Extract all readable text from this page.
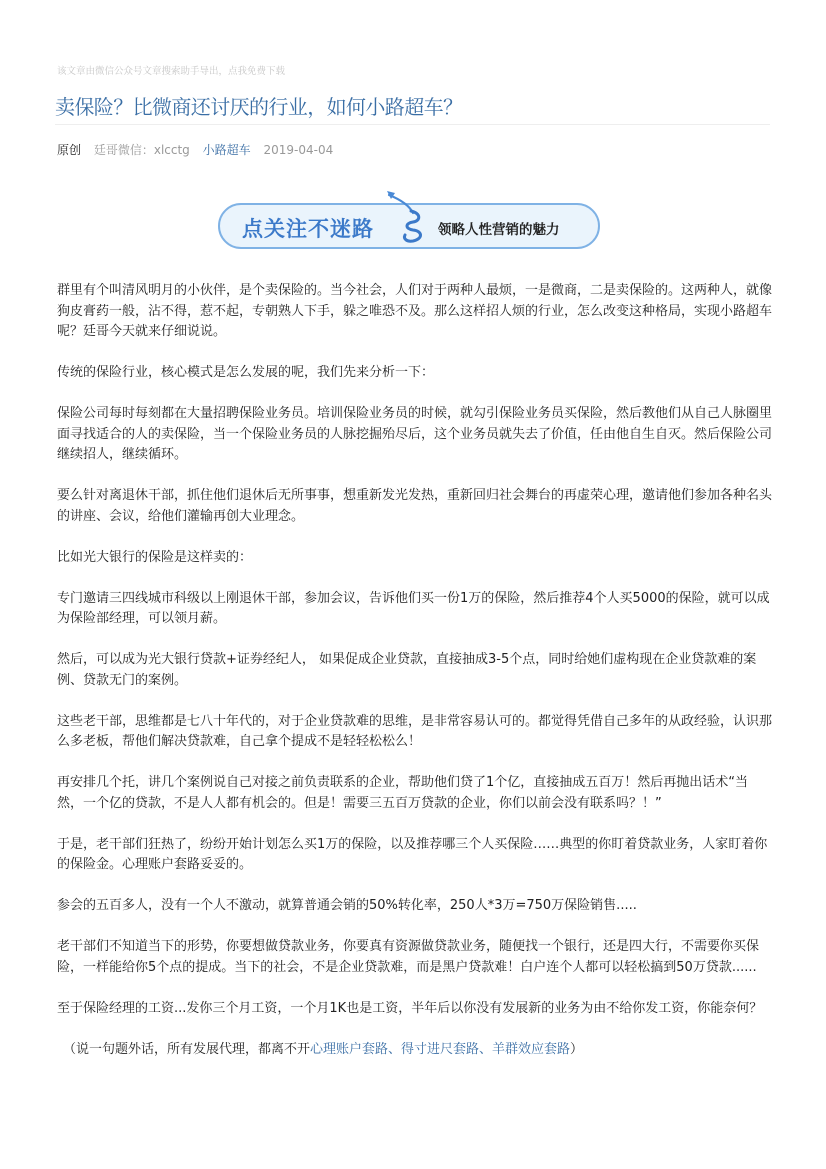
该文章由微信公众号文章搜索助手导出，点我免费下载
卖保险？比微商还讨厌的行业，如何小路超车？
原创 廷哥微信：xlcctg 小路超车 2019-04-04
点关注不迷路	领略人性营销的魅力

群里有个叫清风明月的小伙伴，是个卖保险的。当今社会，人们对于两种人最烦，一是微商，二是卖保险的。这两种人，就像狗皮膏药一般，沾不得，惹不起，专朝熟人下手，躲之唯恐不及。那么这样招人烦的行业，怎么改变这种格局，实现小路超车呢？廷哥今天就来仔细说说。

传统的保险行业，核心模式是怎么发展的呢，我们先来分析一下：

保险公司每时每刻都在大量招聘保险业务员。培训保险业务员的时候，就勾引保险业务员买保险，然后教他们从自己人脉圈里面寻找适合的人的卖保险，当一个保险业务员的人脉挖掘殆尽后，这个业务员就失去了价值，任由他自生自灭。然后保险公司继续招人，继续循环。

要么针对离退休干部，抓住他们退休后无所事事，想重新发光发热，重新回归社会舞台的再虚荣心理，邀请他们参加各种名头的讲座、会议，给他们灌输再创大业理念。

比如光大银行的保险是这样卖的：

专门邀请三四线城市科级以上刚退休干部，参加会议，告诉他们买一份1万的保险，然后推荐4个人买5000的保险，就可以成为保险部经理，可以领月薪。

然后，可以成为光大银行贷款+证券经纪人， 如果促成企业贷款，直接抽成3-5个点，同时给她们虚构现在企业贷款难的案例、贷款无门的案例。

这些老干部，思维都是七八十年代的，对于企业贷款难的思维，是非常容易认可的。都觉得凭借自己多年的从政经验，认识那么多老板，帮他们解决贷款难，自己拿个提成不是轻轻松松么！

再安排几个托，讲几个案例说自己对接之前负责联系的企业，帮助他们贷了1个亿，直接抽成五百万！然后再抛出话术“当然，一个亿的贷款，不是人人都有机会的。但是！需要三五百万贷款的企业，你们以前会没有联系吗？！”

于是，老干部们狂热了，纷纷开始计划怎么买1万的保险，以及推荐哪三个人买保险……典型的你盯着贷款业务，人家盯着你的保险金。心理账户套路妥妥的。

参会的五百多人，没有一个人不激动，就算普通会销的50%转化率，250人*3万=750万保险销售.....

老干部们不知道当下的形势，你要想做贷款业务，你要真有资源做贷款业务，随便找一个银行，还是四大行，不需要你买保险，一样能给你5个点的提成。当下的社会，不是企业贷款难，而是黑户贷款难！白户连个人都可以轻松搞到50万贷款......

至于保险经理的工资...发你三个月工资，一个月1K也是工资，半年后以你没有发展新的业务为由不给你发工资，你能奈何？

（说一句题外话，所有发展代理，都离不开心理账户套路、得寸进尺套路、羊群效应套路）
